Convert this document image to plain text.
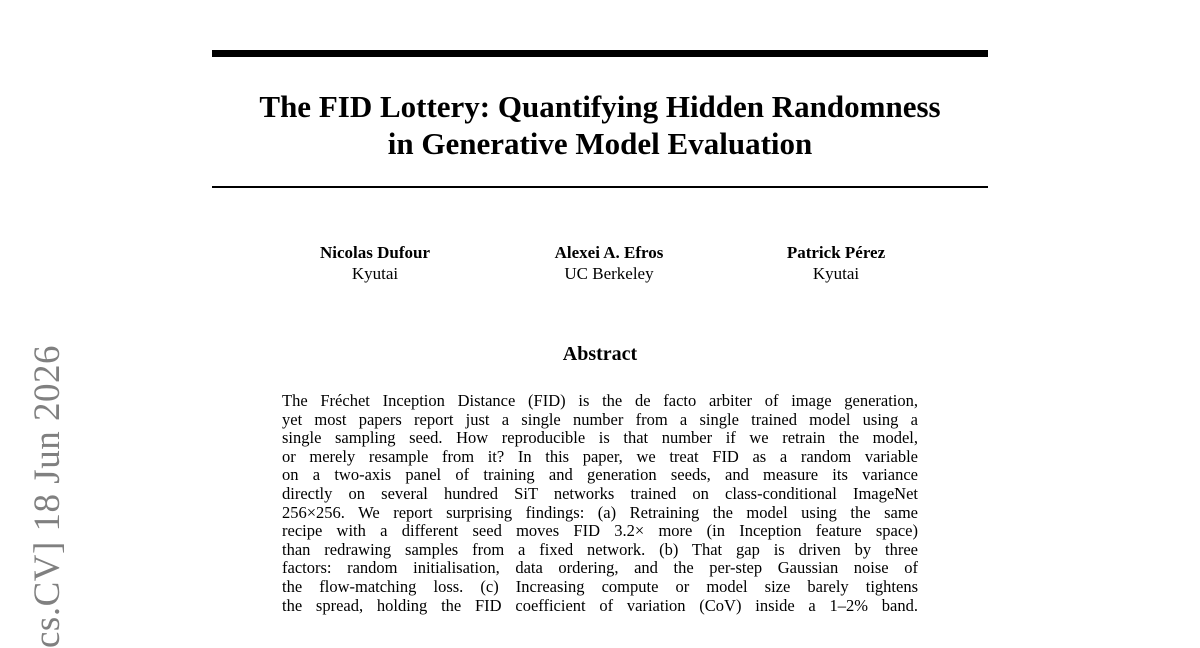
The FID Lottery: Quantifying Hidden Randomness
in Generative Model Evaluation
Nicolas Dufour
Kyutai
Alexei A. Efros
UC Berkeley
Patrick Pérez
Kyutai
Abstract
The Fréchet Inception Distance (FID) is the de facto arbiter of image generation,
yet most papers report just a single number from a single trained model using a
single sampling seed. How reproducible is that number if we retrain the model,
or merely resample from it? In this paper, we treat FID as a random variable
on a two-axis panel of training and generation seeds, and measure its variance
directly on several hundred SiT networks trained on class-conditional ImageNet
256×256. We report surprising findings: (a) Retraining the model using the same
recipe with a different seed moves FID 3.2× more (in Inception feature space)
than redrawing samples from a fixed network. (b) That gap is driven by three
factors: random initialisation, data ordering, and the per-step Gaussian noise of
the flow-matching loss. (c) Increasing compute or model size barely tightens
the spread, holding the FID coefficient of variation (CoV) inside a 1–2% band.
cs.CV] 18 Jun 2026
